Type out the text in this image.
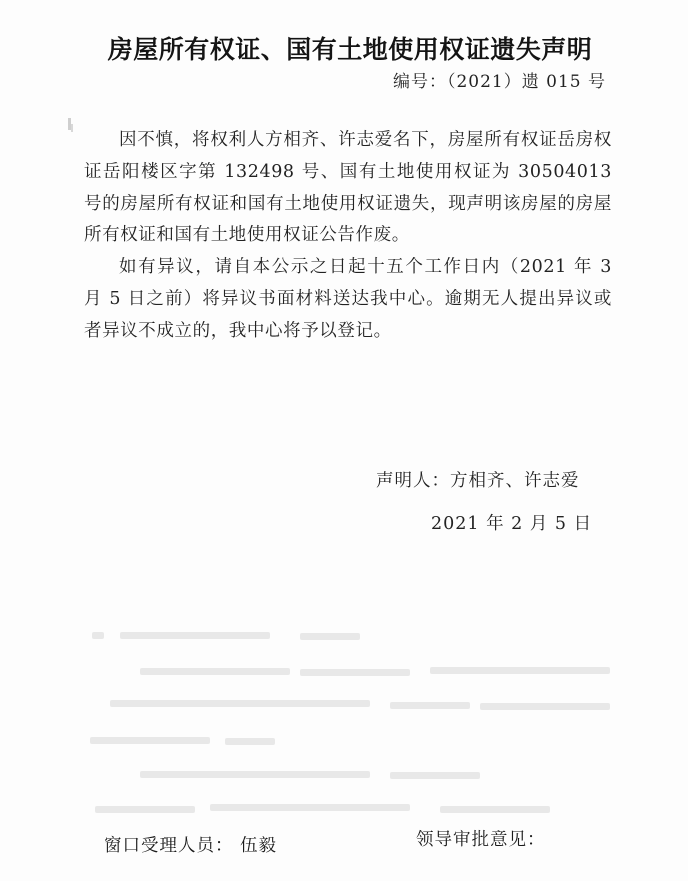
房屋所有权证、国有土地使用权证遗失声明
编号：（2021）遗 015 号

因不慎，将权利人方相齐、许志爱名下，房屋所有权证岳房权证岳阳楼区字第 132498 号、国有土地使用权证为 30504013 号的房屋所有权证和国有土地使用权证遗失，现声明该房屋的房屋所有权证和国有土地使用权证公告作废。

如有异议，请自本公示之日起十五个工作日内（2021 年 3 月 5 日之前）将异议书面材料送达我中心。逾期无人提出异议或者异议不成立的，我中心将予以登记。

声明人：方相齐、许志爱
2021 年 2 月 5 日
窗口受理人员： 伍毅	领导审批意见：
